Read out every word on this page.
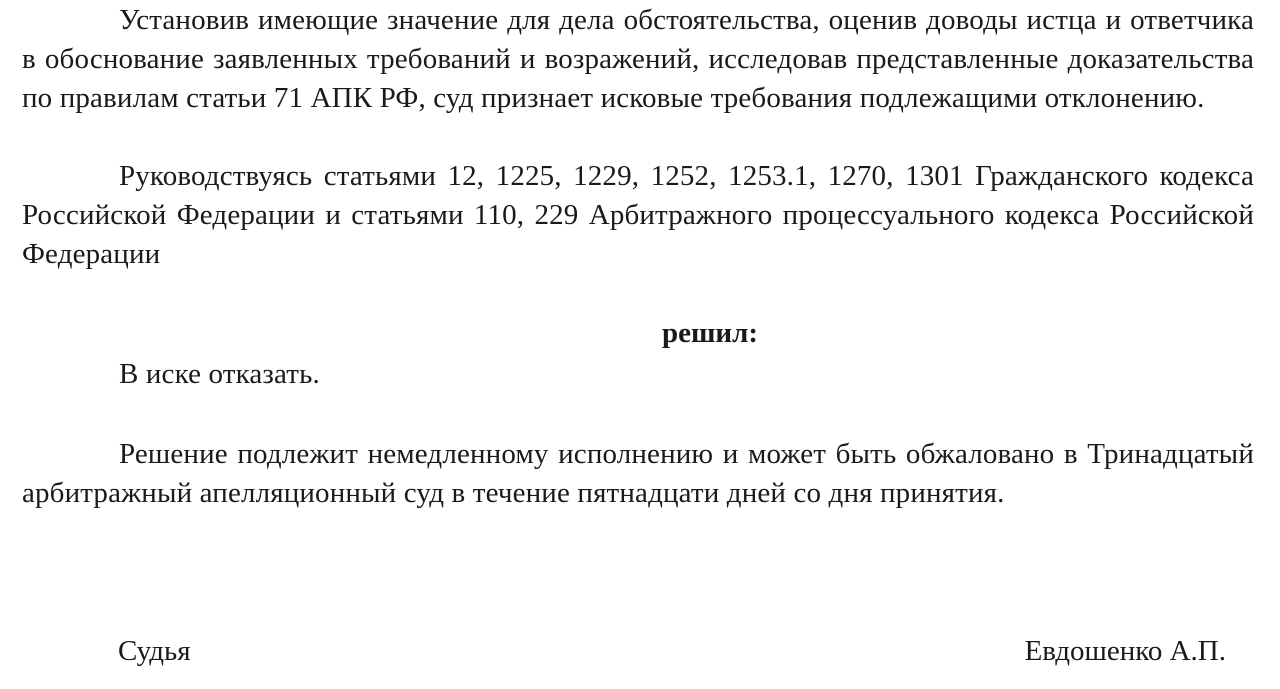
Установив имеющие значение для дела обстоятельства, оценив доводы истца и ответчика в обоснование заявленных требований и возражений, исследовав представленные доказательства по правилам статьи 71 АПК РФ, суд признает исковые требования подлежащими отклонению.

Руководствуясь статьями 12, 1225, 1229, 1252, 1253.1, 1270, 1301 Гражданского кодекса Российской Федерации и статьями 110, 229 Арбитражного процессуального кодекса Российской Федерации

решил:

В иске отказать.

Решение подлежит немедленному исполнению и может быть обжаловано в Тринадцатый арбитражный апелляционный суд в течение пятнадцати дней со дня принятия.

Судья	Евдошенко А.П.
